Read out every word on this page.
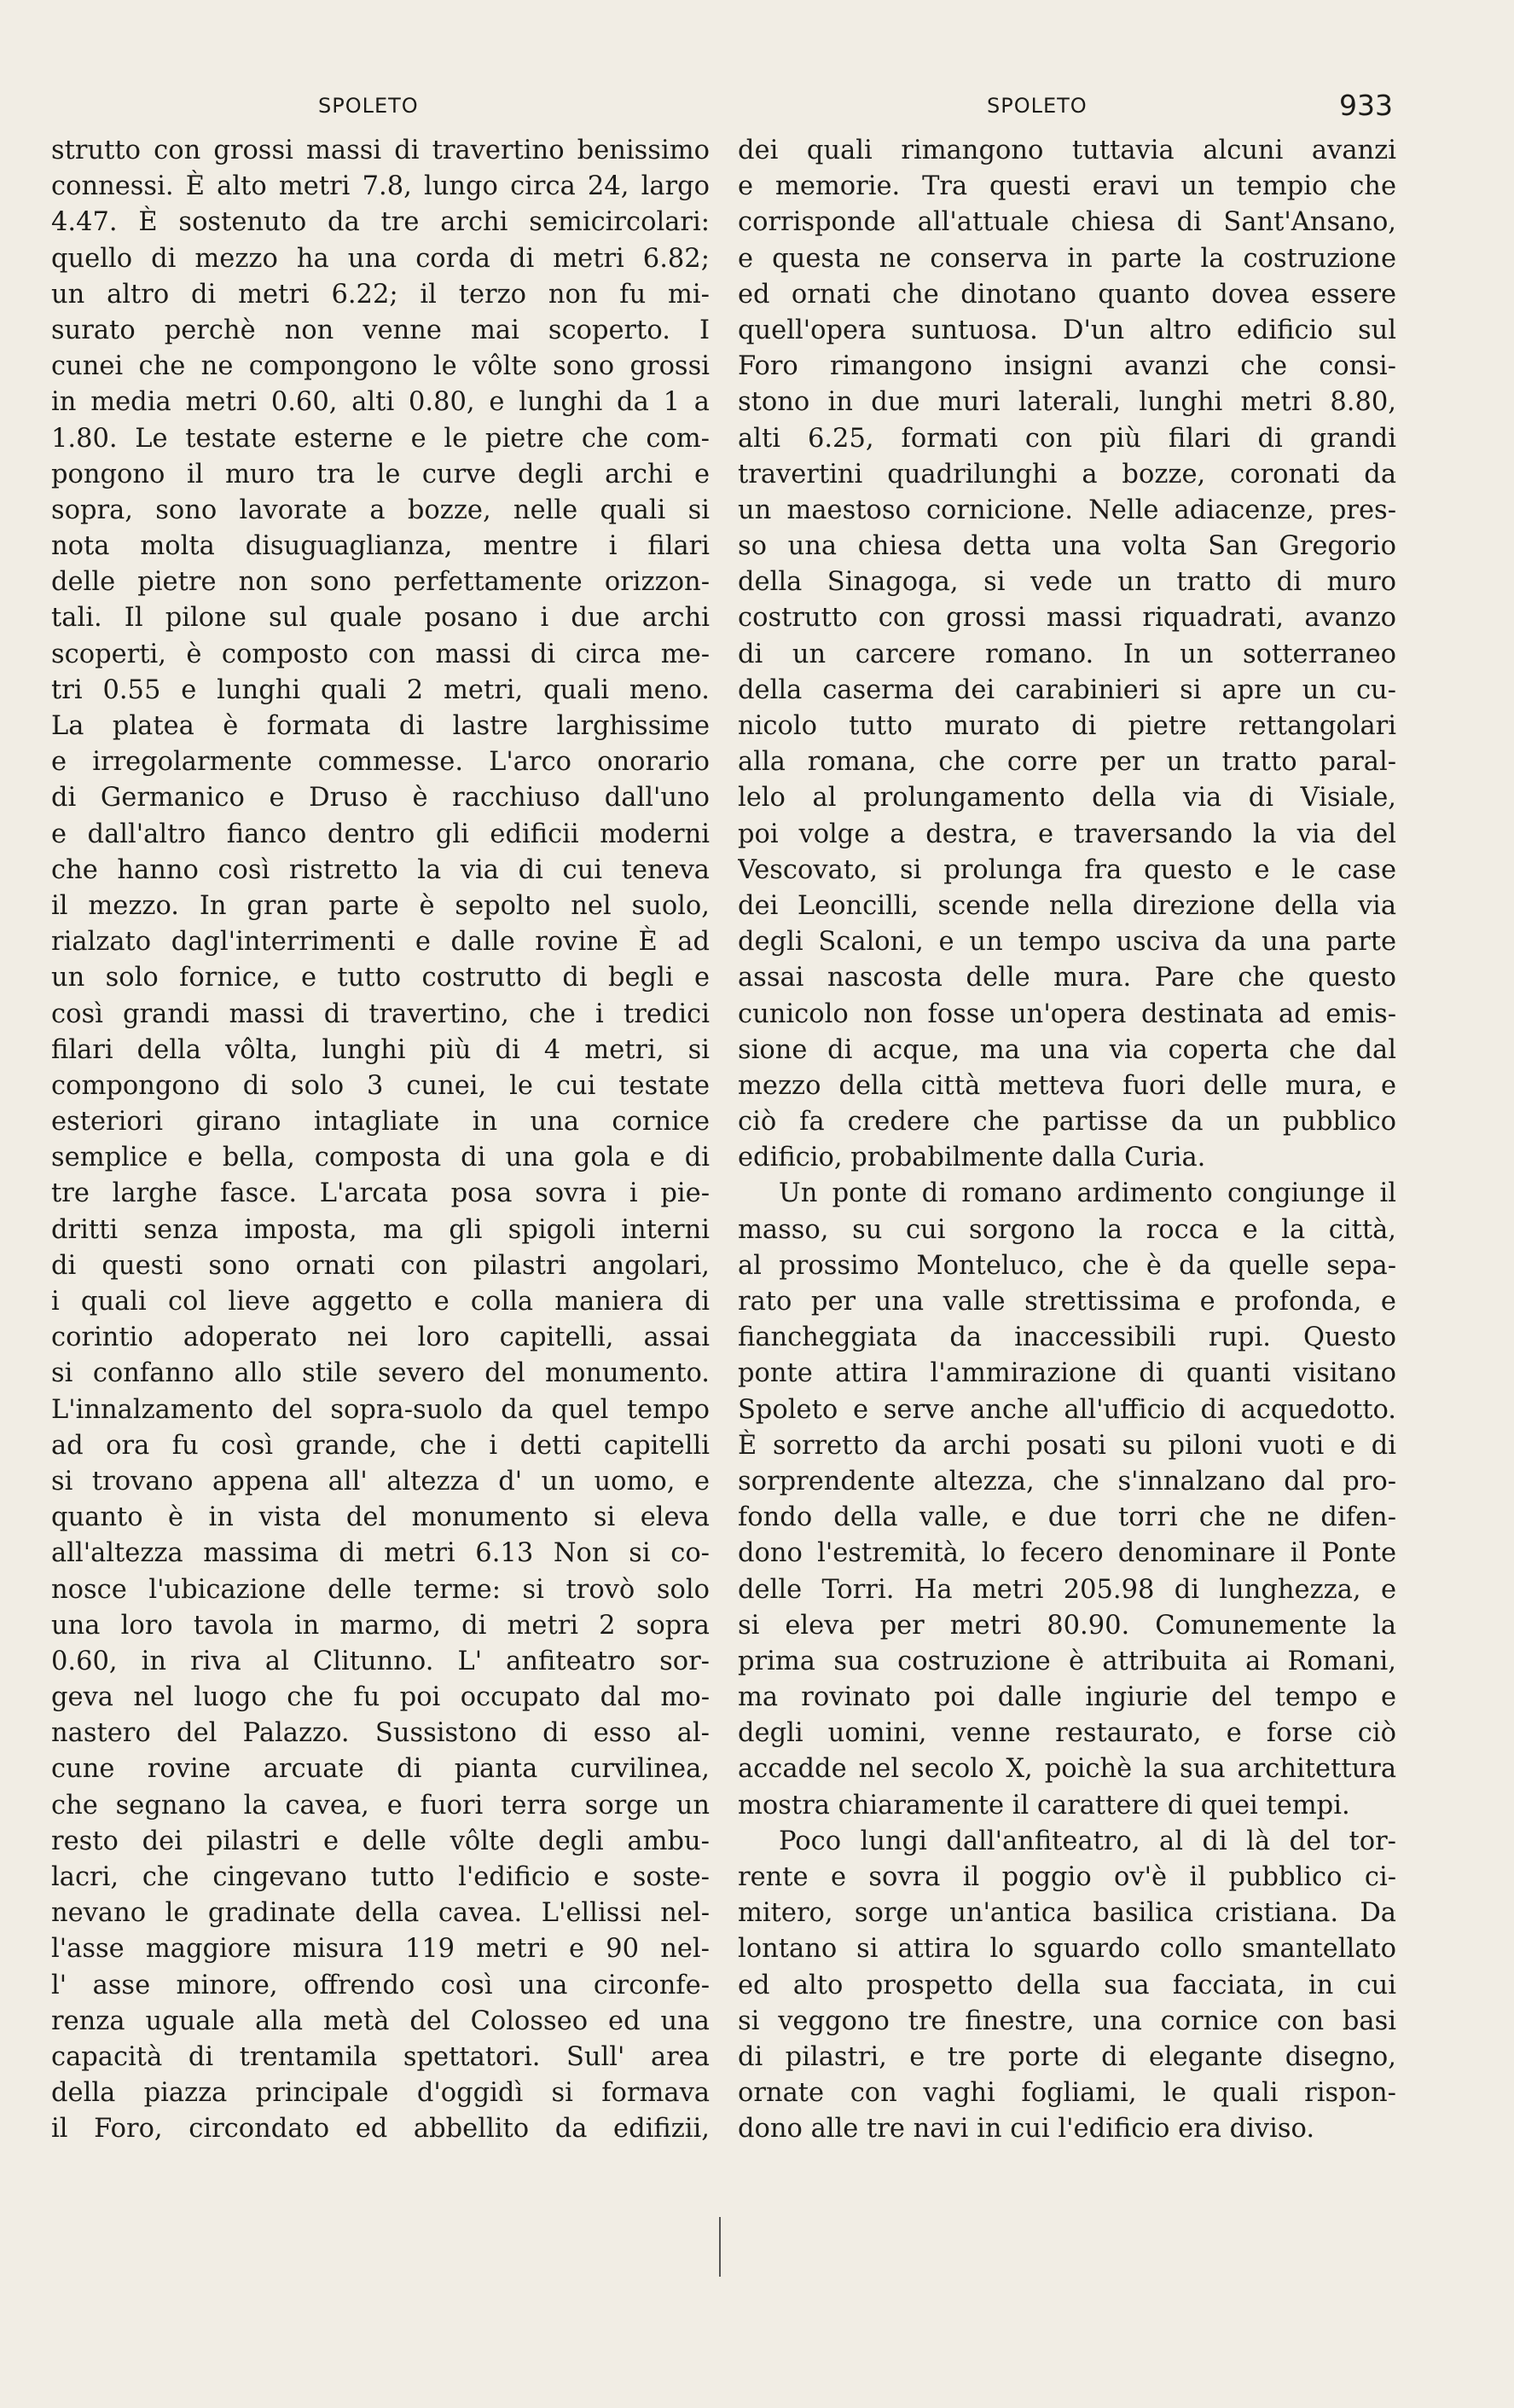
SPOLETO	SPOLETO	933
strutto con grossi massi di travertino benissimo
connessi. È alto metri 7.8, lungo circa 24, largo
4.47. È sostenuto da tre archi semicircolari:
quello di mezzo ha una corda di metri 6.82;
un altro di metri 6.22; il terzo non fu mi-
surato perchè non venne mai scoperto. I
cunei che ne compongono le vôlte sono grossi
in media metri 0.60, alti 0.80, e lunghi da 1 a
1.80. Le testate esterne e le pietre che com-
pongono il muro tra le curve degli archi e
sopra, sono lavorate a bozze, nelle quali si
nota molta disuguaglianza, mentre i filari
delle pietre non sono perfettamente orizzon-
tali. Il pilone sul quale posano i due archi
scoperti, è composto con massi di circa me-
tri 0.55 e lunghi quali 2 metri, quali meno.
La platea è formata di lastre larghissime
e irregolarmente commesse. L'arco onorario
di Germanico e Druso è racchiuso dall'uno
e dall'altro fianco dentro gli edificii moderni
che hanno così ristretto la via di cui teneva
il mezzo. In gran parte è sepolto nel suolo,
rialzato dagl'interrimenti e dalle rovine È ad
un solo fornice, e tutto costrutto di begli e
così grandi massi di travertino, che i tredici
filari della vôlta, lunghi più di 4 metri, si
compongono di solo 3 cunei, le cui testate
esteriori girano intagliate in una cornice
semplice e bella, composta di una gola e di
tre larghe fasce. L'arcata posa sovra i pie-
dritti senza imposta, ma gli spigoli interni
di questi sono ornati con pilastri angolari,
i quali col lieve aggetto e colla maniera di
corintio adoperato nei loro capitelli, assai
si confanno allo stile severo del monumento.
L'innalzamento del sopra-suolo da quel tempo
ad ora fu così grande, che i detti capitelli
si trovano appena all' altezza d' un uomo, e
quanto è in vista del monumento si eleva
all'altezza massima di metri 6.13 Non si co-
nosce l'ubicazione delle terme: si trovò solo
una loro tavola in marmo, di metri 2 sopra
0.60, in riva al Clitunno. L' anfiteatro sor-
geva nel luogo che fu poi occupato dal mo-
nastero del Palazzo. Sussistono di esso al-
cune rovine arcuate di pianta curvilinea,
che segnano la cavea, e fuori terra sorge un
resto dei pilastri e delle vôlte degli ambu-
lacri, che cingevano tutto l'edificio e soste-
nevano le gradinate della cavea. L'ellissi nel-
l'asse maggiore misura 119 metri e 90 nel-
l' asse minore, offrendo così una circonfe-
renza uguale alla metà del Colosseo ed una
capacità di trentamila spettatori. Sull' area
della piazza principale d'oggidì si formava
il Foro, circondato ed abbellito da edifizii,
dei quali rimangono tuttavia alcuni avanzi
e memorie. Tra questi eravi un tempio che
corrisponde all'attuale chiesa di Sant'Ansano,
e questa ne conserva in parte la costruzione
ed ornati che dinotano quanto dovea essere
quell'opera suntuosa. D'un altro edificio sul
Foro rimangono insigni avanzi che consi-
stono in due muri laterali, lunghi metri 8.80,
alti 6.25, formati con più filari di grandi
travertini quadrilunghi a bozze, coronati da
un maestoso cornicione. Nelle adiacenze, pres-
so una chiesa detta una volta San Gregorio
della Sinagoga, si vede un tratto di muro
costrutto con grossi massi riquadrati, avanzo
di un carcere romano. In un sotterraneo
della caserma dei carabinieri si apre un cu-
nicolo tutto murato di pietre rettangolari
alla romana, che corre per un tratto paral-
lelo al prolungamento della via di Visiale,
poi volge a destra, e traversando la via del
Vescovato, si prolunga fra questo e le case
dei Leoncilli, scende nella direzione della via
degli Scaloni, e un tempo usciva da una parte
assai nascosta delle mura. Pare che questo
cunicolo non fosse un'opera destinata ad emis-
sione di acque, ma una via coperta che dal
mezzo della città metteva fuori delle mura, e
ciò fa credere che partisse da un pubblico
edificio, probabilmente dalla Curia.
Un ponte di romano ardimento congiunge il
masso, su cui sorgono la rocca e la città,
al prossimo Monteluco, che è da quelle sepa-
rato per una valle strettissima e profonda, e
fiancheggiata da inaccessibili rupi. Questo
ponte attira l'ammirazione di quanti visitano
Spoleto e serve anche all'ufficio di acquedotto.
È sorretto da archi posati su piloni vuoti e di
sorprendente altezza, che s'innalzano dal pro-
fondo della valle, e due torri che ne difen-
dono l'estremità, lo fecero denominare il Ponte
delle Torri. Ha metri 205.98 di lunghezza, e
si eleva per metri 80.90. Comunemente la
prima sua costruzione è attribuita ai Romani,
ma rovinato poi dalle ingiurie del tempo e
degli uomini, venne restaurato, e forse ciò
accadde nel secolo X, poichè la sua architettura
mostra chiaramente il carattere di quei tempi.
Poco lungi dall'anfiteatro, al di là del tor-
rente e sovra il poggio ov'è il pubblico ci-
mitero, sorge un'antica basilica cristiana. Da
lontano si attira lo sguardo collo smantellato
ed alto prospetto della sua facciata, in cui
si veggono tre finestre, una cornice con basi
di pilastri, e tre porte di elegante disegno,
ornate con vaghi fogliami, le quali rispon-
dono alle tre navi in cui l'edificio era diviso.
